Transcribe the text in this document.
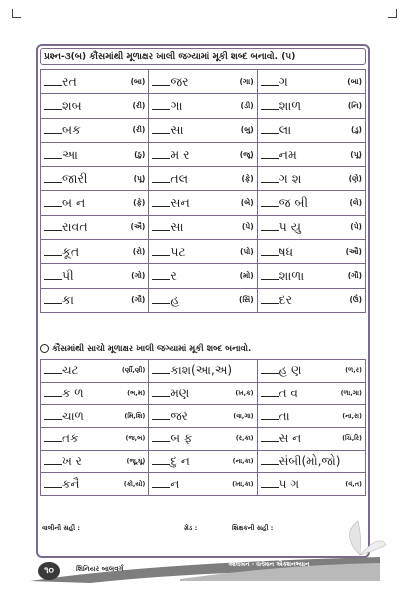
પ્રશ્ન-૩(બ) કૌંસમાંથી મૂળાક્ષર ખાલી જગ્યામાં મૂકી શબ્દ બનાવો. (૫)
રત (બા)	જર (ગા)	ગ (બા)

શબ (રી)	ગા (ડી)	શાળ (નિ)

બક (રી)	સા (બુ)	લા (ડુ)

આ (ઠુ)	મ ર (જૂ)	નમ (પૂ)

જારી (પૂ)	તલ (ફે)	ગ શ (ણે)

બ ન (ફે)	સન (બે)	જ બી (લે)

રાવત (ઐ)	સા (પે)	પ યુ (પે)

કૂત (રો)	પટ (પો)	ષધ (ઔ)

પી (ગો)	ર (મો)	શાળા (ગૌ)

કા (ગૌ)	હ (સિં)	દર (ઉં)
કૌંસમાંથી સાચો મૂળાક્ષર ખાલી જગ્યામાં મૂકી શબ્દ બનાવો.
ચટ (ર્ણી,ણી)	કાશ(આ,અ)	હ ણ (ળ,ર)

ક ળ (ભ,મ)	મણ (ખ,ક)	ત વ (ળા,ગા)

ચાળ (મિ,શિ)	જર (વા,ગા)	તા (ના,રા)

તક (જ,બ)	બ ફ (ર,કા)	સ ન (ચિ,રિ)

ખ ર (જૂ,ઘૂ)	દુ ન (ના,કા)	સંબી(મો,જો)

કનૈ (કો,યો)	ન (ખા,કા)	પ ગ (વં,ત)
વાલીની સહી :	ગ્રેડ :	શિક્ષકની સહી :
૧૦	શિનિયર બાલવર્ગ
આલેખન - વર્તમાન ઐક્શનભ્યાન
